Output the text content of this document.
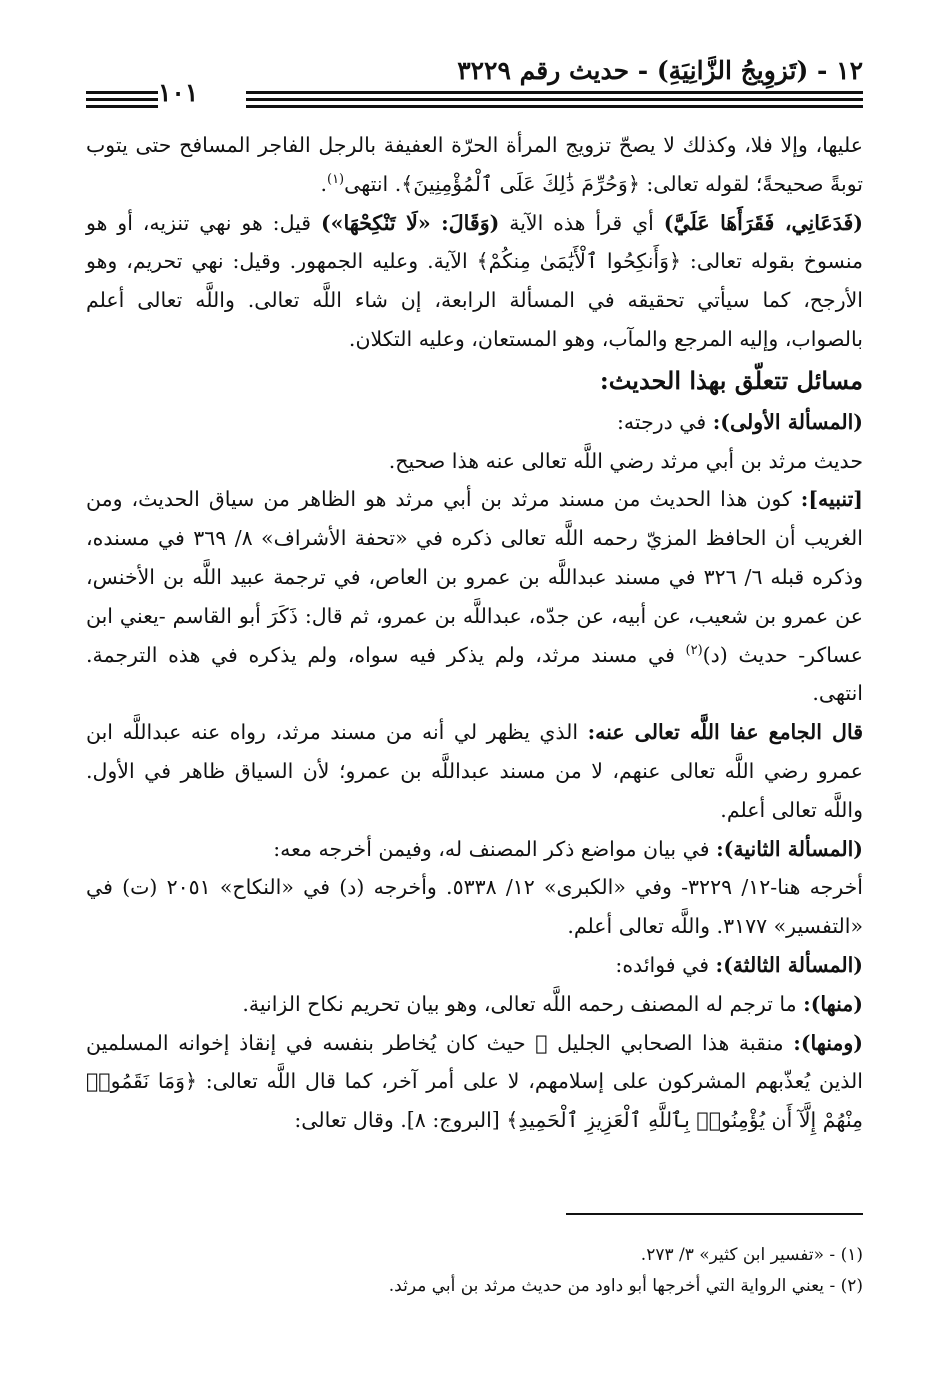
١٢ - (تَزوِيجُ الزَّانِيَةِ) - حديث رقم ٣٢٢٩
١٠١

عليها، وإلا فلا، وكذلك لا يصحّ تزويج المرأة الحرّة العفيفة بالرجل الفاجر المسافح حتى يتوب توبةً صحيحةً؛ لقوله تعالى: ﴿وَحُرِّمَ ذَٰلِكَ عَلَى ٱلْمُؤْمِنِينَ﴾. انتهى$^{(١)}$.

(فَدَعَانِي، فَقَرَأَهَا عَلَيَّ) أي قرأ هذه الآية (وَقَالَ: «لَا تَنْكِحْهَا») قيل: هو نهي تنزيه، أو هو منسوخ بقوله تعالى: ﴿وَأَنكِحُوا ٱلْأَيَٰمَىٰ مِنكُمْ﴾ الآية. وعليه الجمهور. وقيل: نهي تحريم، وهو الأرجح، كما سيأتي تحقيقه في المسألة الرابعة، إن شاء اللَّه تعالى. واللَّه تعالى أعلم بالصواب، وإليه المرجع والمآب، وهو المستعان، وعليه التكلان.

مسائل تتعلّق بهذا الحديث:

(المسألة الأولى): في درجته:

حديث مرثد بن أبي مرثد رضي اللَّه تعالى عنه هذا صحيح.

[تنبيه]: كون هذا الحديث من مسند مرثد بن أبي مرثد هو الظاهر من سياق الحديث، ومن الغريب أن الحافظ المزيّ رحمه اللَّه تعالى ذكره في «تحفة الأشراف» ٨/ ٣٦٩ في مسنده، وذكره قبله ٦/ ٣٢٦ في مسند عبداللَّه بن عمرو بن العاص، في ترجمة عبيد اللَّه بن الأخنس، عن عمرو بن شعيب، عن أبيه، عن جدّه، عبداللَّه بن عمرو، ثم قال: ذَكَرَ أبو القاسم -يعني ابن عساكر- حديث (د)$^{(٢)}$ في مسند مرثد، ولم يذكر فيه سواه، ولم يذكره في هذه الترجمة. انتهى.

قال الجامع عفا اللَّه تعالى عنه: الذي يظهر لي أنه من مسند مرثد، رواه عنه عبداللَّه ابن عمرو رضي اللَّه تعالى عنهم، لا من مسند عبداللَّه بن عمرو؛ لأن السياق ظاهر في الأول. واللَّه تعالى أعلم.

(المسألة الثانية): في بيان مواضع ذكر المصنف له، وفيمن أخرجه معه:

أخرجه هنا-١٢/ ٣٢٢٩- وفي «الكبرى» ١٢/ ٥٣٣٨. وأخرجه (د) في «النكاح» ٢٠٥١ (ت) في «التفسير» ٣١٧٧. واللَّه تعالى أعلم.

(المسألة الثالثة): في فوائده:

(منها): ما ترجم له المصنف رحمه اللَّه تعالى، وهو بيان تحريم نكاح الزانية.

(ومنها): منقبة هذا الصحابي الجليل ﷺ حيث كان يُخاطر بنفسه في إنقاذ إخوانه المسلمين الذين يُعذّبهم المشركون على إسلامهم، لا على أمر آخر، كما قال اللَّه تعالى: ﴿وَمَا نَقَمُوا۟ مِنْهُمْ إِلَّآ أَن يُؤْمِنُوا۟ بِٱللَّهِ ٱلْعَزِيزِ ٱلْحَمِيدِ﴾ [البروج: ٨]. وقال تعالى:

(١) - «تفسير ابن كثير» ٣/ ٢٧٣.

(٢) - يعني الرواية التي أخرجها أبو داود من حديث مرثد بن أبي مرثد.
